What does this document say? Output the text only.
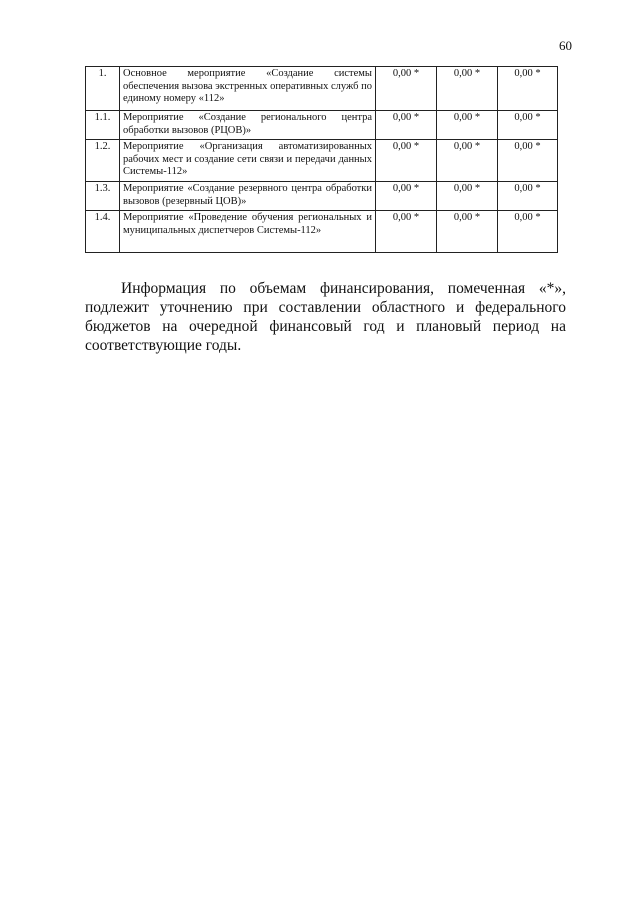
60
1.	Основное мероприятие «Создание системы обеспечения вызова экстренных оперативных служб по единому номеру «112»	0,00 *	0,00 *	0,00 *
1.1.	Мероприятие «Создание регионального центра обработки вызовов (РЦОВ)»	0,00 *	0,00 *	0,00 *
1.2.	Мероприятие «Организация автоматизированных рабочих мест и создание сети связи и передачи данных Системы-112»	0,00 *	0,00 *	0,00 *
1.3.	Мероприятие «Создание резервного центра обработки вызовов (резервный ЦОВ)»	0,00 *	0,00 *	0,00 *
1.4.	Мероприятие «Проведение обучения региональных и муниципальных диспетчеров Системы-112»	0,00 *	0,00 *	0,00 *

Информация по объемам финансирования, помеченная «*», подлежит уточнению при составлении областного и федерального бюджетов на очередной финансовый год и плановый период на соответствующие годы.
